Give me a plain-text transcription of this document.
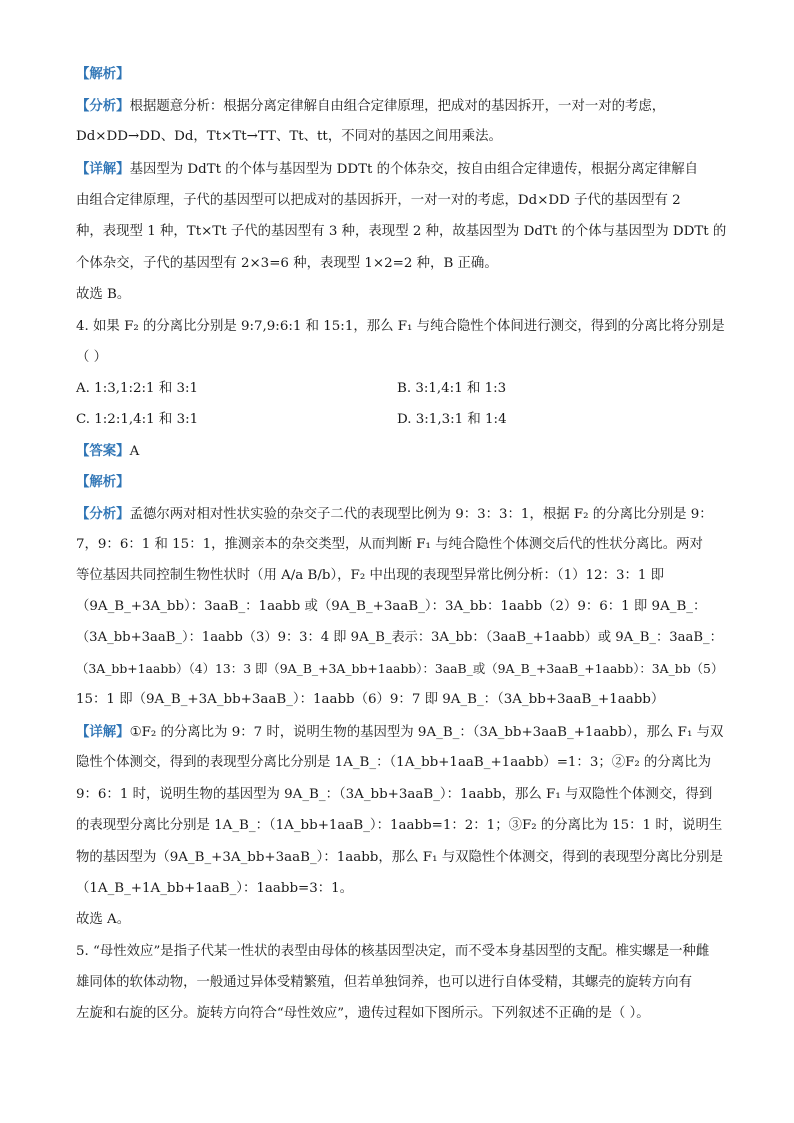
【解析】
【分析】根据题意分析：根据分离定律解自由组合定律原理，把成对的基因拆开，一对一对的考虑，
Dd×DD→DD、Dd，Tt×Tt→TT、Tt、tt，不同对的基因之间用乘法。
【详解】基因型为 DdTt 的个体与基因型为 DDTt 的个体杂交，按自由组合定律遗传，根据分离定律解自
由组合定律原理，子代的基因型可以把成对的基因拆开，一对一对的考虑，Dd×DD 子代的基因型有 2
种，表现型 1 种，Tt×Tt 子代的基因型有 3 种，表现型 2 种，故基因型为 DdTt 的个体与基因型为 DDTt 的
个体杂交，子代的基因型有 2×3=6 种，表现型 1×2=2 种，B 正确。
故选 B。
4. 如果 F₂ 的分离比分别是 9:7,9:6:1 和 15:1，那么 F₁ 与纯合隐性个体间进行测交，得到的分离比将分别是
（ ）
A. 1:3,1:2:1 和 3:1	B. 3:1,4:1 和 1:3
C. 1:2:1,4:1 和 3:1	D. 3:1,3:1 和 1:4
【答案】A
【解析】
【分析】孟德尔两对相对性状实验的杂交子二代的表现型比例为 9：3：3：1，根据 F₂ 的分离比分别是 9：
7，9：6：1 和 15：1，推测亲本的杂交类型，从而判断 F₁ 与纯合隐性个体测交后代的性状分离比。两对
等位基因共同控制生物性状时（用 A/a B/b），F₂ 中出现的表现型异常比例分析：（1）12：3：1 即
（9A_B_+3A_bb）：3aaB_：1aabb 或（9A_B_+3aaB_）：3A_bb：1aabb（2）9：6：1 即 9A_B_：
（3A_bb+3aaB_）：1aabb（3）9：3：4 即 9A_B_表示：3A_bb：（3aaB_+1aabb）或 9A_B_：3aaB_：
（3A_bb+1aabb）（4）13：3 即（9A_B_+3A_bb+1aabb）：3aaB_或（9A_B_+3aaB_+1aabb）：3A_bb（5）
15：1 即（9A_B_+3A_bb+3aaB_）：1aabb（6）9：7 即 9A_B_：（3A_bb+3aaB_+1aabb）
【详解】①F₂ 的分离比为 9：7 时，说明生物的基因型为 9A_B_：（3A_bb+3aaB_+1aabb），那么 F₁ 与双
隐性个体测交，得到的表现型分离比分别是 1A_B_：（1A_bb+1aaB_+1aabb）=1：3；②F₂ 的分离比为
9：6：1 时，说明生物的基因型为 9A_B_：（3A_bb+3aaB_）：1aabb，那么 F₁ 与双隐性个体测交，得到
的表现型分离比分别是 1A_B_：（1A_bb+1aaB_）：1aabb=1：2：1；③F₂ 的分离比为 15：1 时，说明生
物的基因型为（9A_B_+3A_bb+3aaB_）：1aabb，那么 F₁ 与双隐性个体测交，得到的表现型分离比分别是
（1A_B_+1A_bb+1aaB_）：1aabb=3：1。
故选 A。
5. “母性效应”是指子代某一性状的表型由母体的核基因型决定，而不受本身基因型的支配。椎实螺是一种雌
雄同体的软体动物，一般通过异体受精繁殖，但若单独饲养，也可以进行自体受精，其螺壳的旋转方向有
左旋和右旋的区分。旋转方向符合“母性效应”，遗传过程如下图所示。下列叙述不正确的是（ ）。
